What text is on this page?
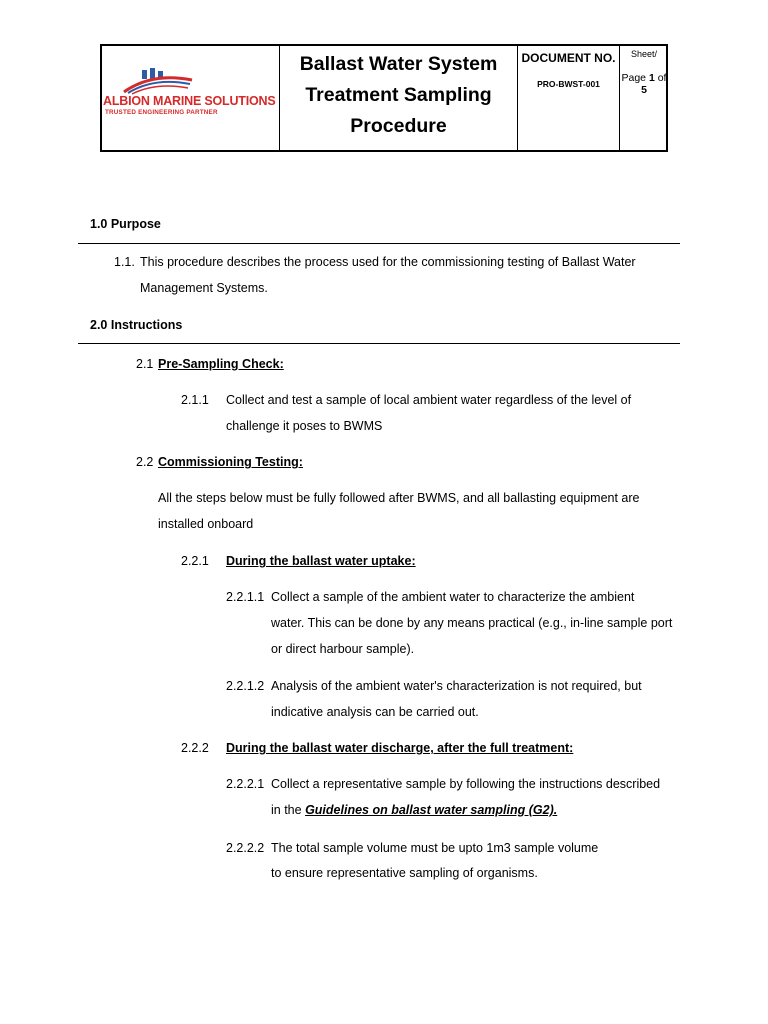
ALBION MARINE SOLUTIONS
TRUSTED ENGINEERING PARTNER
Ballast Water System
Treatment Sampling
Procedure
DOCUMENT NO.
PRO-BWST-001
Sheet/
Page 1 of
5
1.0 Purpose
1.1. This procedure describes the process used for the commissioning testing of Ballast Water
Management Systems.
2.0 Instructions
2.1 Pre-Sampling Check:
2.1.1 Collect and test a sample of local ambient water regardless of the level of
challenge it poses to BWMS
2.2 Commissioning Testing:
All the steps below must be fully followed after BWMS, and all ballasting equipment are
installed onboard
2.2.1 During the ballast water uptake:
2.2.1.1 Collect a sample of the ambient water to characterize the ambient
water. This can be done by any means practical (e.g., in-line sample port
or direct harbour sample).
2.2.1.2 Analysis of the ambient water's characterization is not required, but
indicative analysis can be carried out.
2.2.2 During the ballast water discharge, after the full treatment:
2.2.2.1 Collect a representative sample by following the instructions described
in the Guidelines on ballast water sampling (G2).
2.2.2.2 The total sample volume must be upto 1m3 sample volume
to ensure representative sampling of organisms.
